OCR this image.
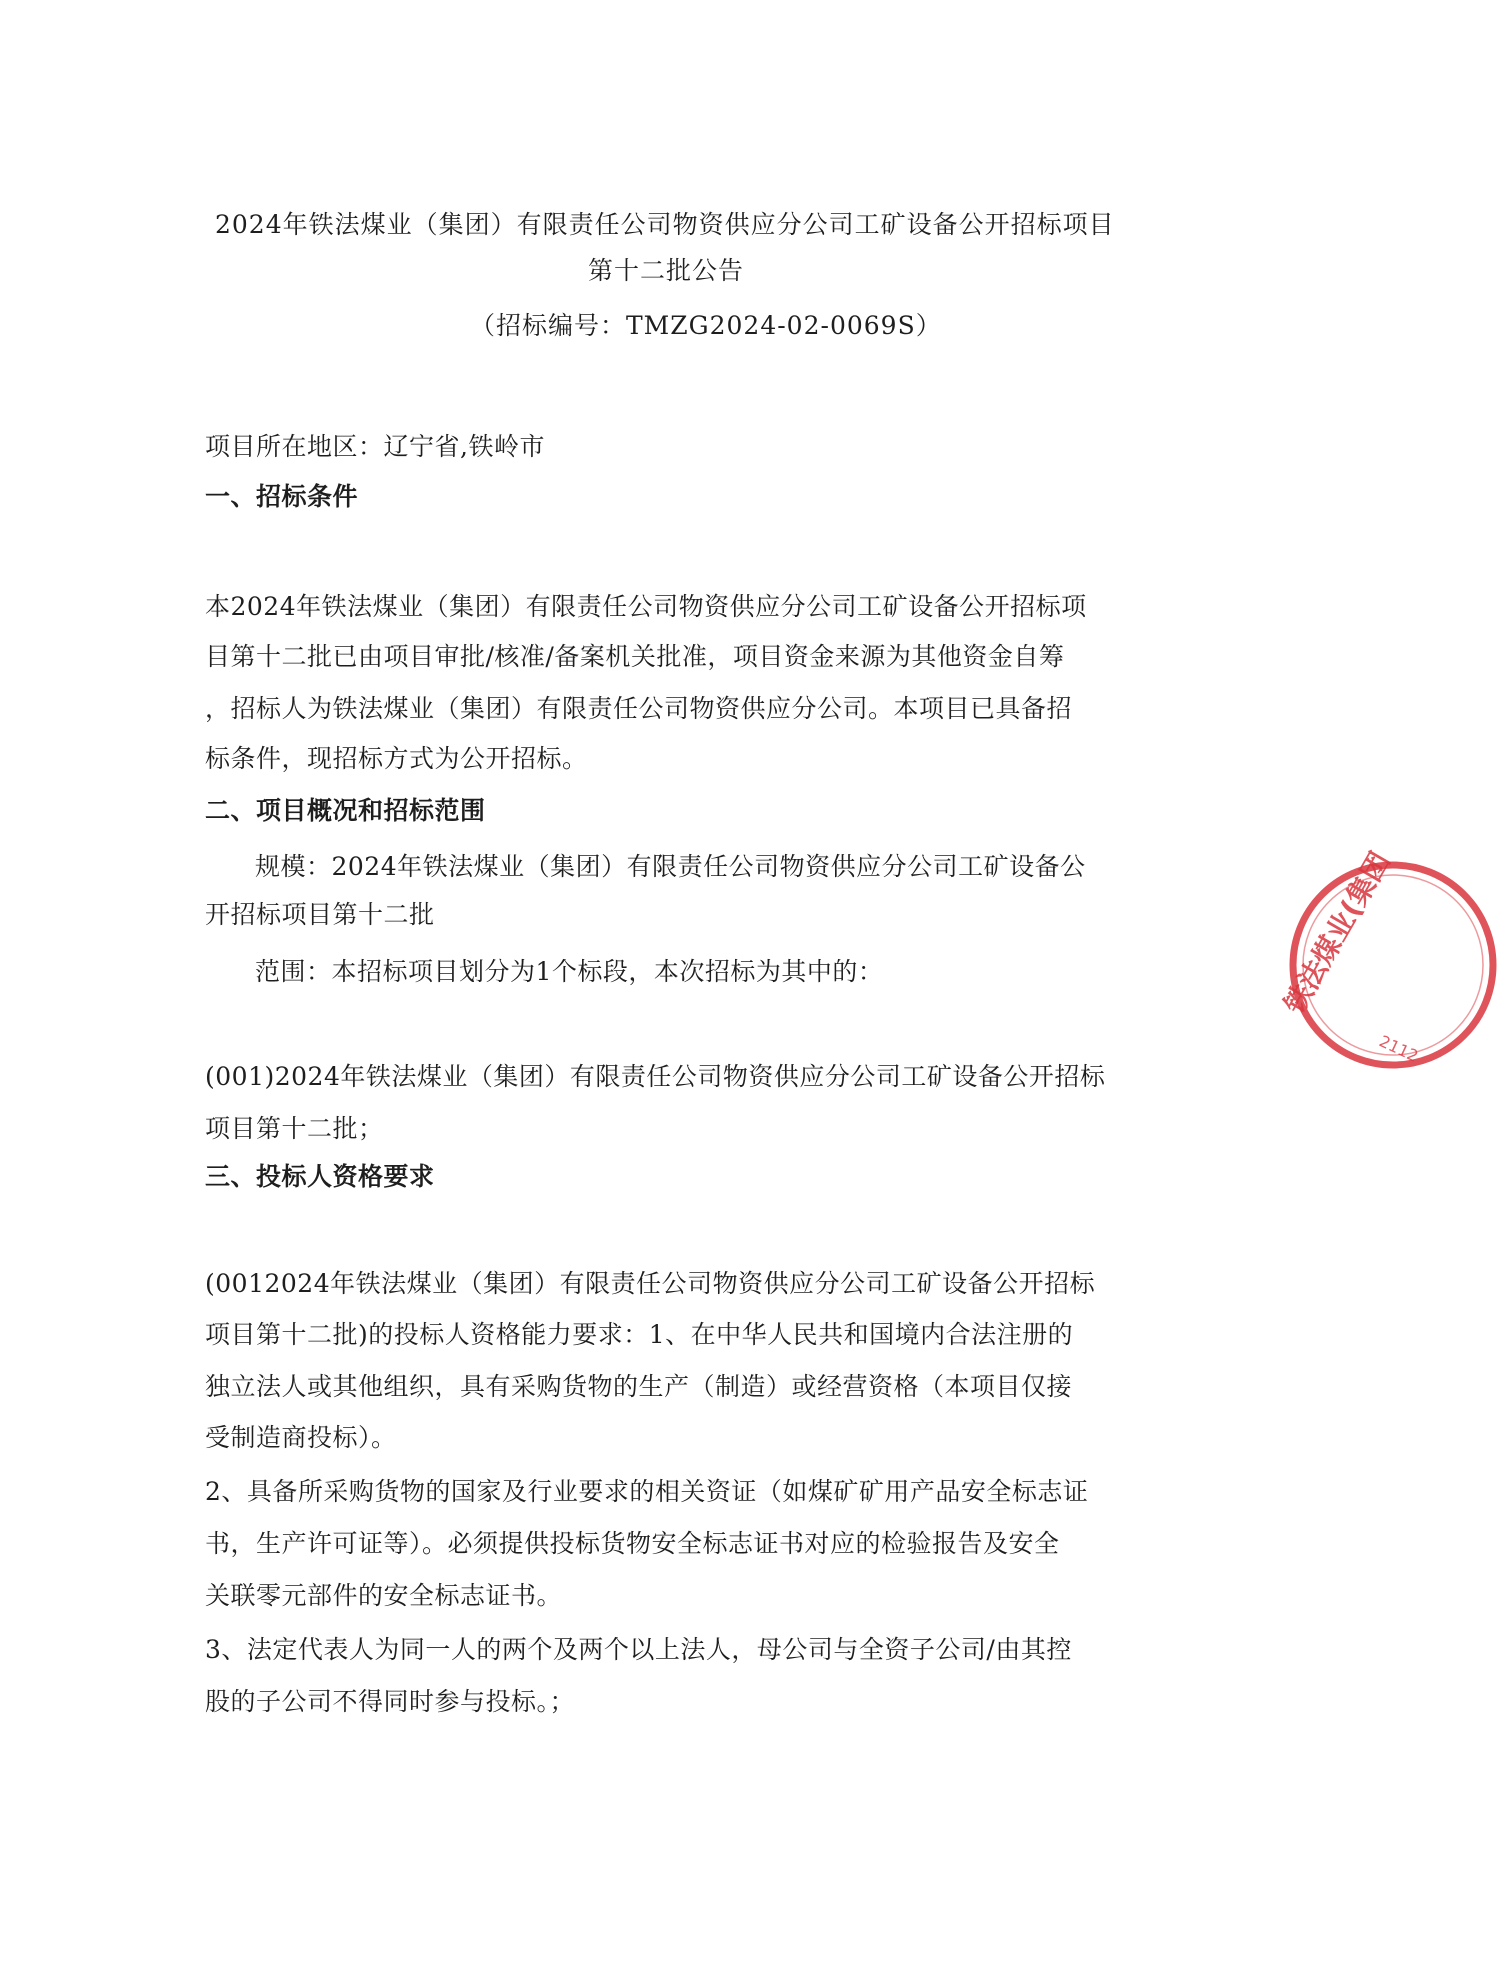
2024年铁法煤业（集团）有限责任公司物资供应分公司工矿设备公开招标项目
第十二批公告
（招标编号：TMZG2024-02-0069S）
项目所在地区：辽宁省,铁岭市
一、招标条件
本2024年铁法煤业（集团）有限责任公司物资供应分公司工矿设备公开招标项
目第十二批已由项目审批/核准/备案机关批准，项目资金来源为其他资金自筹
，招标人为铁法煤业（集团）有限责任公司物资供应分公司。本项目已具备招
标条件，现招标方式为公开招标。
二、项目概况和招标范围
规模：2024年铁法煤业（集团）有限责任公司物资供应分公司工矿设备公
开招标项目第十二批
范围：本招标项目划分为1个标段，本次招标为其中的：
(001)2024年铁法煤业（集团）有限责任公司物资供应分公司工矿设备公开招标
项目第十二批；
三、投标人资格要求
(0012024年铁法煤业（集团）有限责任公司物资供应分公司工矿设备公开招标
项目第十二批)的投标人资格能力要求：1、在中华人民共和国境内合法注册的
独立法人或其他组织，具有采购货物的生产（制造）或经营资格（本项目仅接
受制造商投标）。
2、具备所采购货物的国家及行业要求的相关资证（如煤矿矿用产品安全标志证
书，生产许可证等）。必须提供投标货物安全标志证书对应的检验报告及安全
关联零元部件的安全标志证书。
3、法定代表人为同一人的两个及两个以上法人，母公司与全资子公司/由其控
股的子公司不得同时参与投标。；
铁法煤业(集团
2112
